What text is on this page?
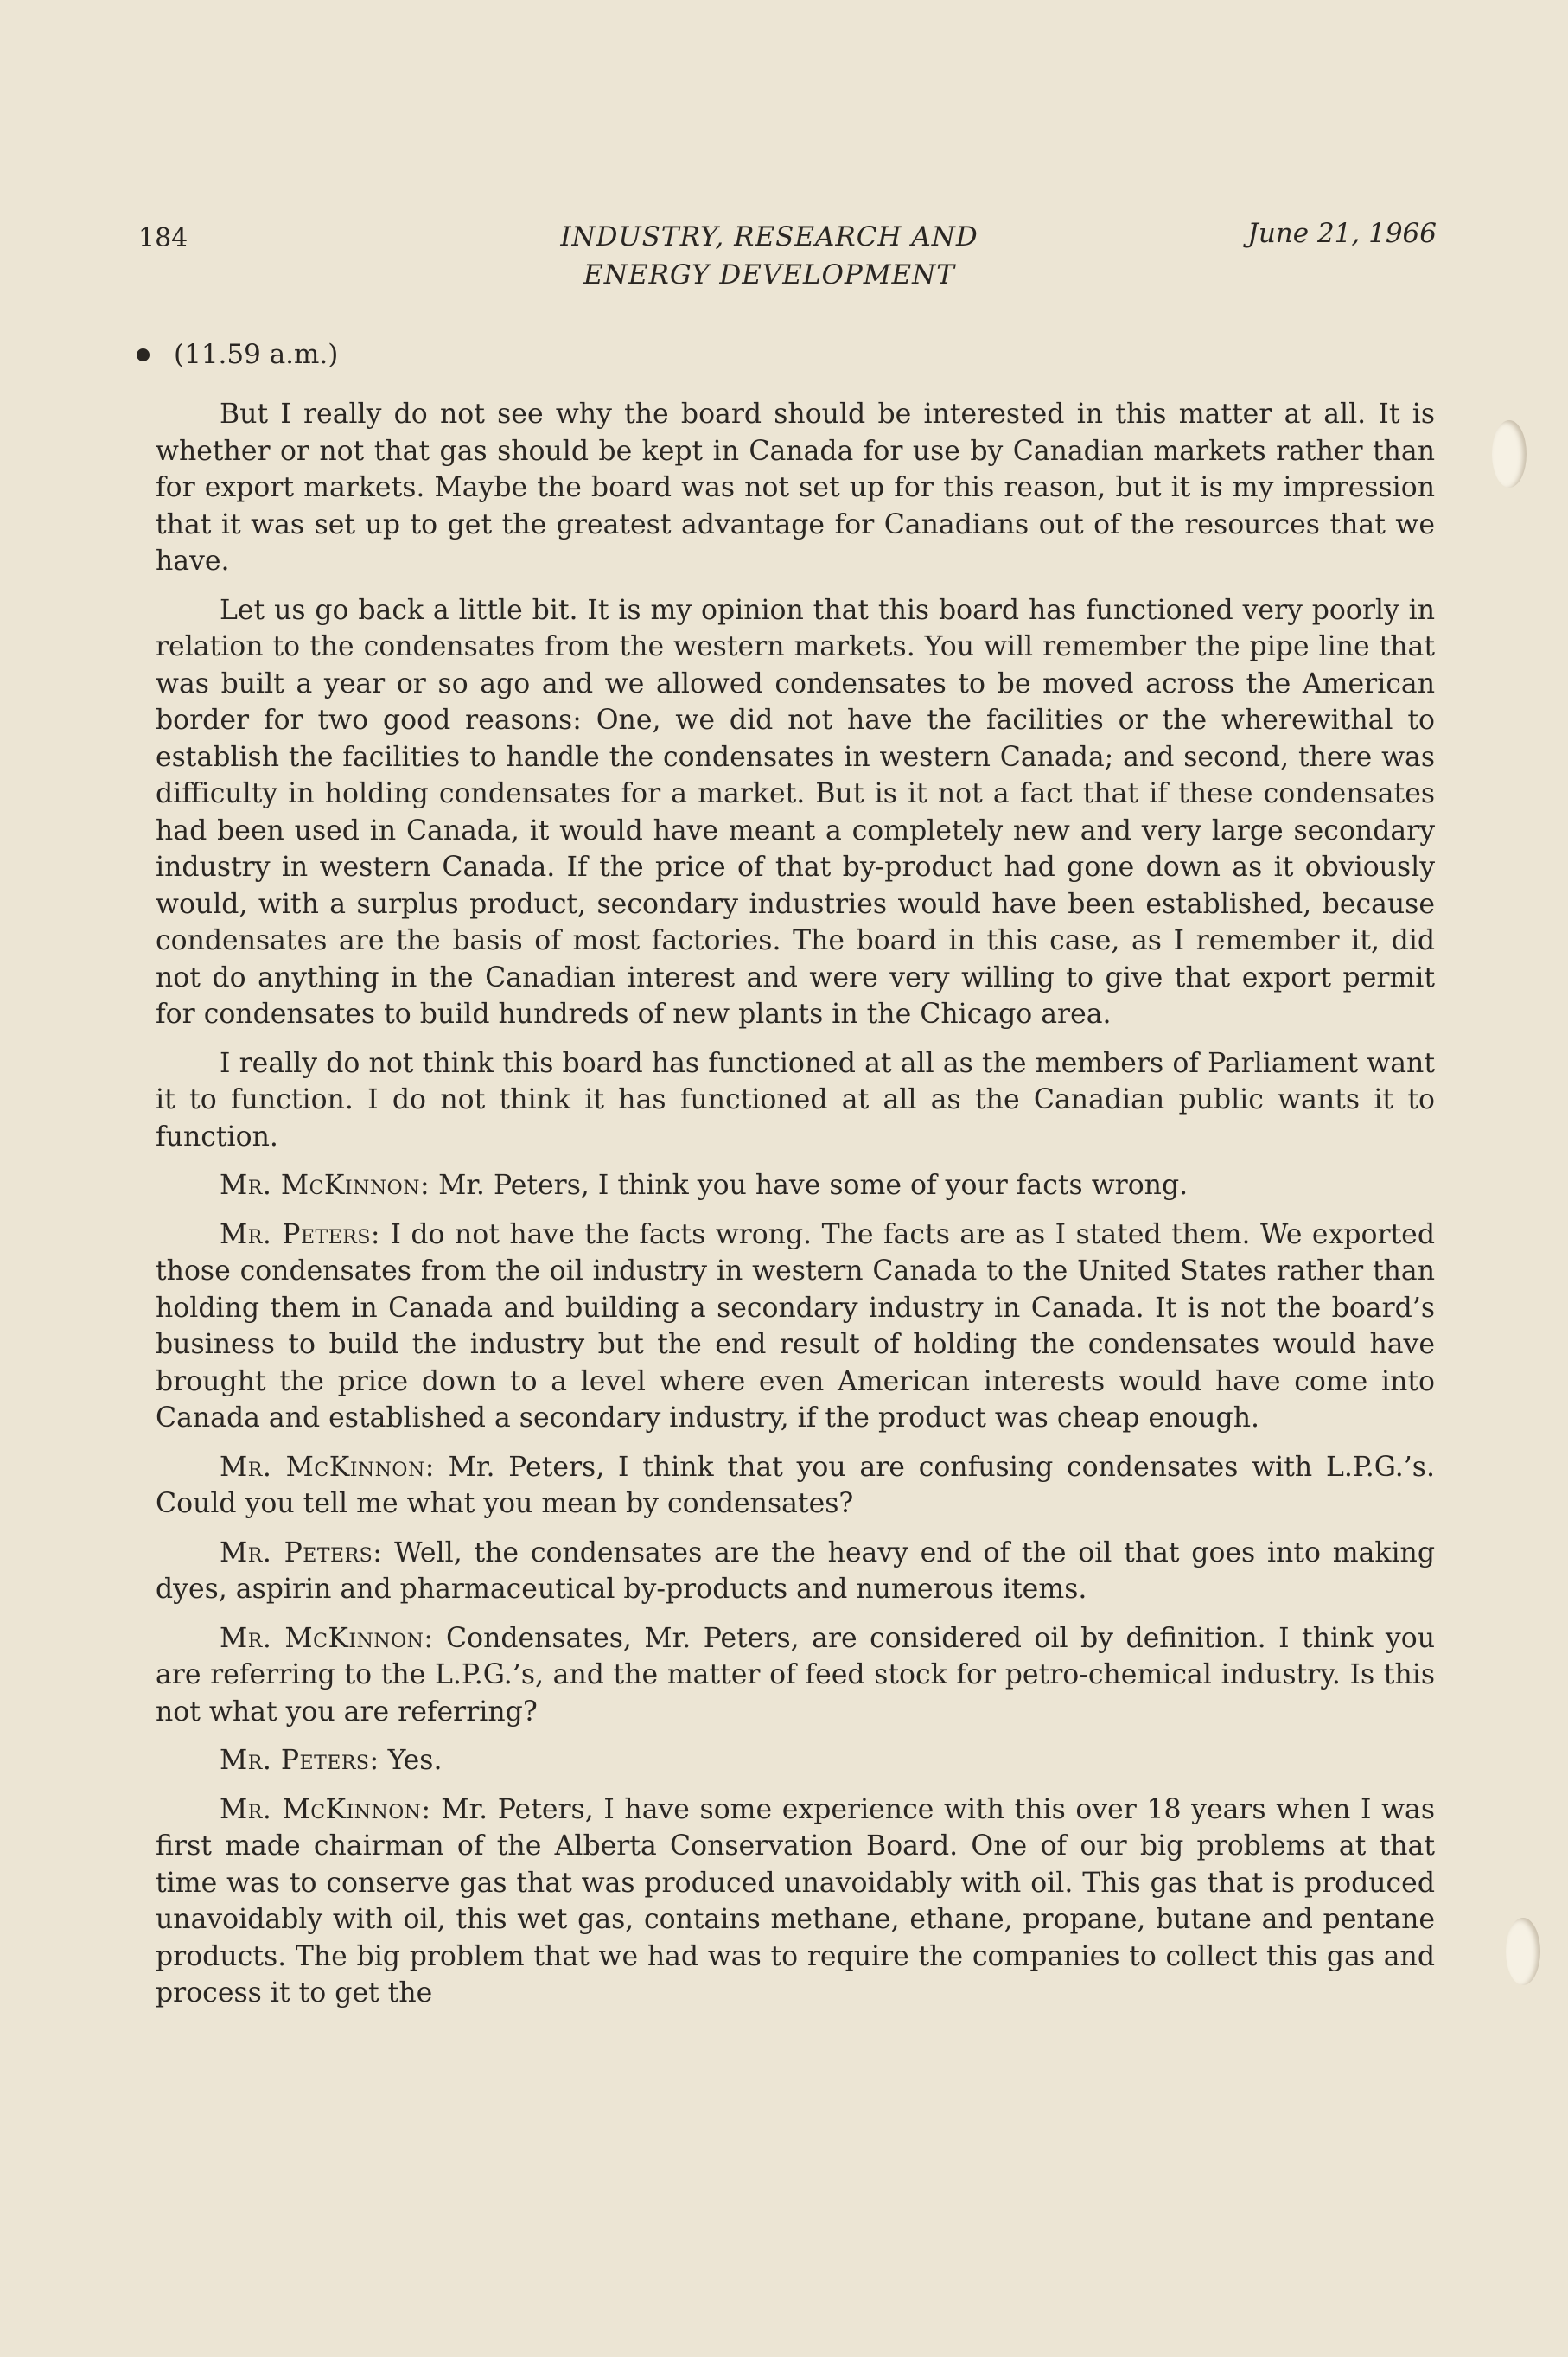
184	INDUSTRY, RESEARCH AND
ENERGY DEVELOPMENT
June 21, 1966
(11.59 a.m.)

But I really do not see why the board should be interested in this matter at all. It is whether or not that gas should be kept in Canada for use by Canadian markets rather than for export markets. Maybe the board was not set up for this reason, but it is my impression that it was set up to get the greatest advantage for Canadians out of the resources that we have.

Let us go back a little bit. It is my opinion that this board has functioned very poorly in relation to the condensates from the western markets. You will remember the pipe line that was built a year or so ago and we allowed condensates to be moved across the American border for two good reasons: One, we did not have the facilities or the wherewithal to establish the facilities to handle the condensates in western Canada; and second, there was difficulty in holding condensates for a market. But is it not a fact that if these condensates had been used in Canada, it would have meant a completely new and very large secondary industry in western Canada. If the price of that by-product had gone down as it obviously would, with a surplus product, secondary industries would have been established, because condensates are the basis of most factories. The board in this case, as I remember it, did not do anything in the Canadian interest and were very willing to give that export permit for condensates to build hundreds of new plants in the Chicago area.

I really do not think this board has functioned at all as the members of Parliament want it to function. I do not think it has functioned at all as the Canadian public wants it to function.

Mr. McKinnon: Mr. Peters, I think you have some of your facts wrong.

Mr. Peters: I do not have the facts wrong. The facts are as I stated them. We exported those condensates from the oil industry in western Canada to the United States rather than holding them in Canada and building a secondary industry in Canada. It is not the board’s business to build the industry but the end result of holding the condensates would have brought the price down to a level where even American interests would have come into Canada and established a secondary industry, if the product was cheap enough.

Mr. McKinnon: Mr. Peters, I think that you are confusing condensates with L.P.G.’s. Could you tell me what you mean by condensates?

Mr. Peters: Well, the condensates are the heavy end of the oil that goes into making dyes, aspirin and pharmaceutical by-products and numerous items.

Mr. McKinnon: Condensates, Mr. Peters, are considered oil by definition. I think you are referring to the L.P.G.’s, and the matter of feed stock for petro-chemical industry. Is this not what you are referring?

Mr. Peters: Yes.

Mr. McKinnon: Mr. Peters, I have some experience with this over 18 years when I was first made chairman of the Alberta Conservation Board. One of our big problems at that time was to conserve gas that was produced unavoidably with oil. This gas that is produced unavoidably with oil, this wet gas, contains methane, ethane, propane, butane and pentane products. The big problem that we had was to require the companies to collect this gas and process it to get the
